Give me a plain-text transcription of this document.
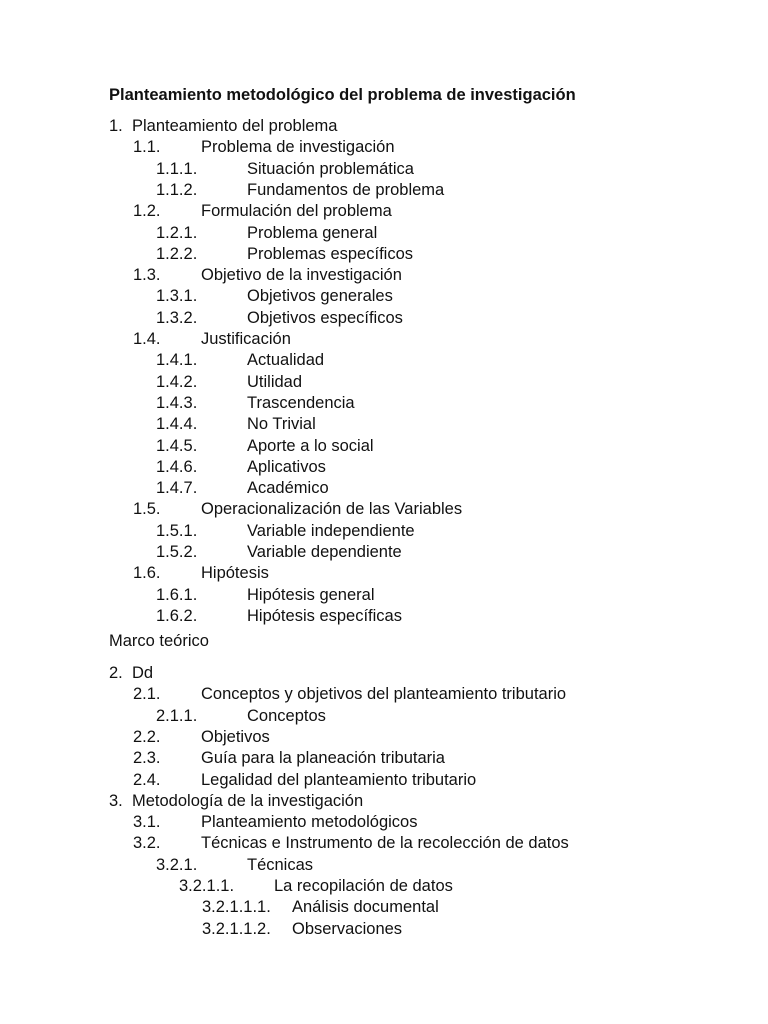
Planteamiento metodológico del problema de investigación
1. Planteamiento del problema
1.1. Problema de investigación
1.1.1.	Situación problemática
1.1.2.	Fundamentos de problema
1.2. Formulación del problema
1.2.1.	Problema general
1.2.2.	Problemas específicos
1.3. Objetivo de la investigación
1.3.1.	Objetivos generales
1.3.2.	Objetivos específicos
1.4. Justificación
1.4.1.	Actualidad
1.4.2.	Utilidad
1.4.3.	Trascendencia
1.4.4.	No Trivial
1.4.5.	Aporte a lo social
1.4.6.	Aplicativos
1.4.7.	Académico
1.5. Operacionalización de las Variables
1.5.1.	Variable independiente
1.5.2.	Variable dependiente
1.6. Hipótesis
1.6.1.	Hipótesis general
1.6.2.	Hipótesis específicas
Marco teórico
2. Dd
2.1. Conceptos y objetivos del planteamiento tributario
2.1.1.	Conceptos
2.2. Objetivos
2.3. Guía para la planeación tributaria
2.4. Legalidad del planteamiento tributario
3. Metodología de la investigación
3.1. Planteamiento metodológicos
3.2. Técnicas e Instrumento de la recolección de datos
3.2.1.	Técnicas
3.2.1.1. La recopilación de datos
3.2.1.1.1. Análisis documental
3.2.1.1.2. Observaciones
